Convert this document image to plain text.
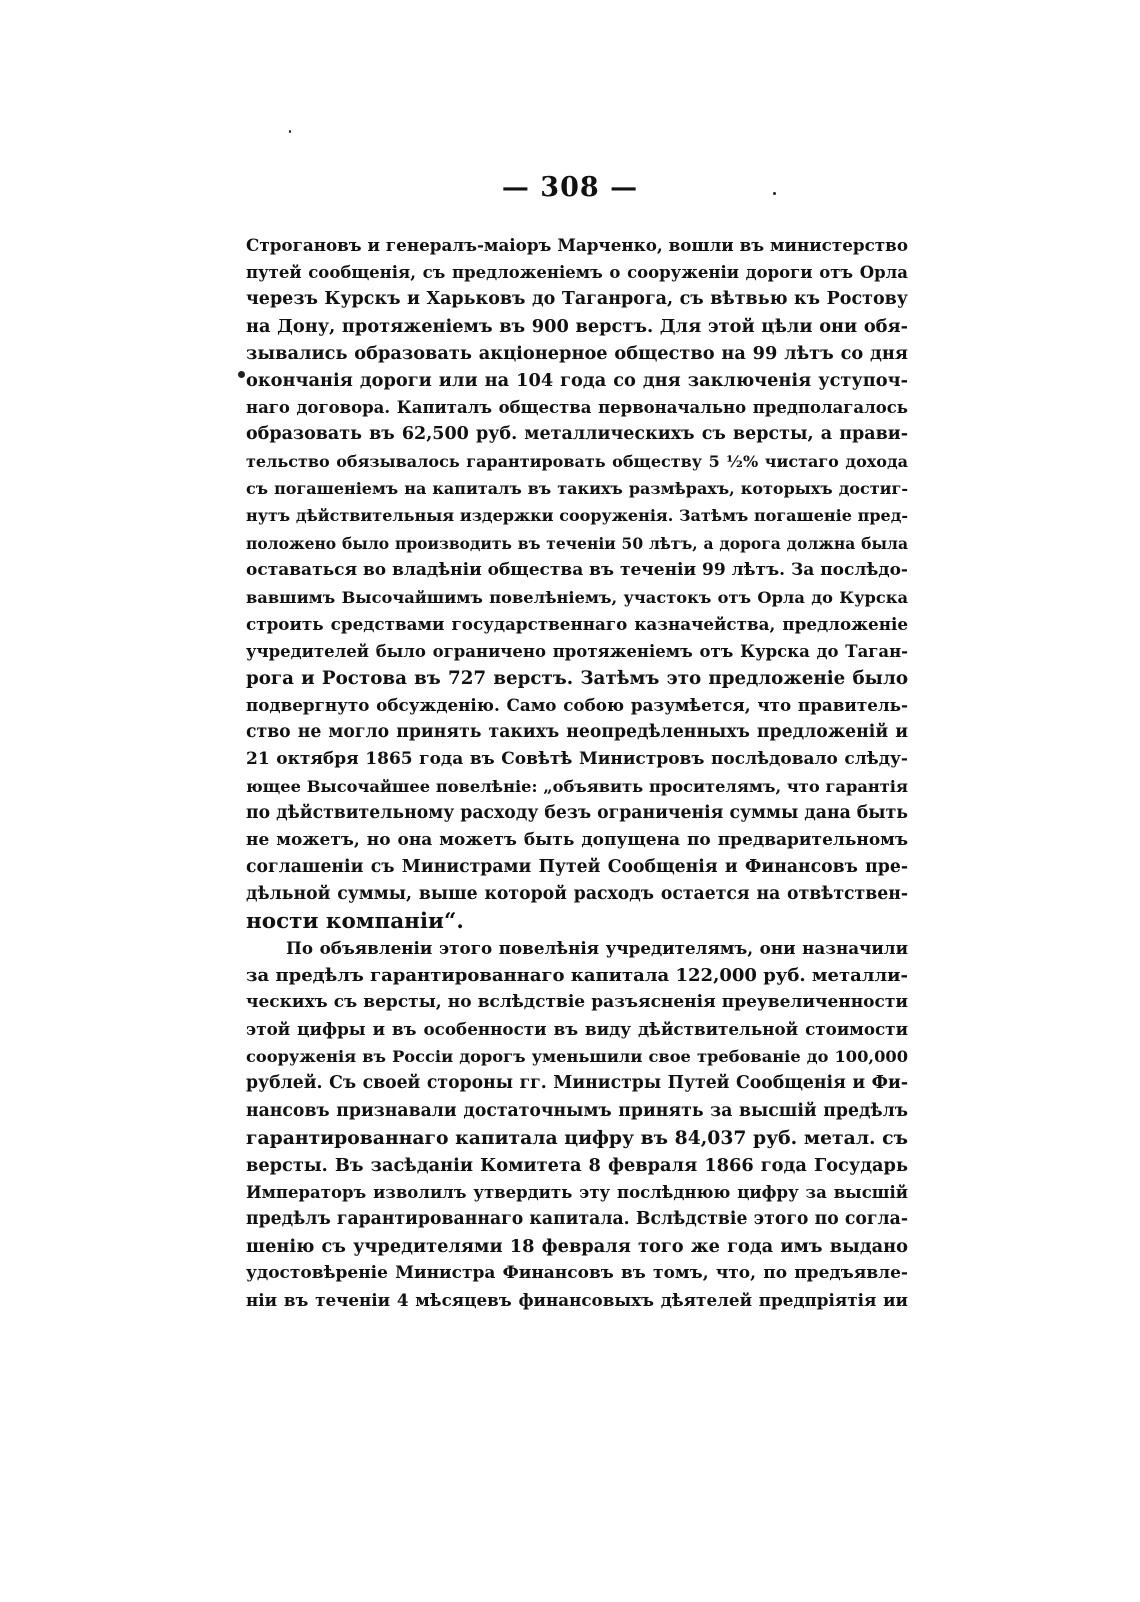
— 308 —
Строгановъ и генералъ-маіоръ Марченко, вошли въ министерство
путей сообщенія, съ предложеніемъ о сооруженіи дороги отъ Орла
черезъ Курскъ и Харьковъ до Таганрога, съ вѣтвью къ Ростову
на Дону, протяженіемъ въ 900 верстъ. Для этой цѣли они обя-
зывались образовать акціонерное общество на 99 лѣтъ со дня
окончанія дороги или на 104 года со дня заключенія уступоч-
наго договора. Капиталъ общества первоначально предполагалось
образовать въ 62,500 руб. металлическихъ съ версты, а прави-
тельство обязывалось гарантировать обществу 5 ½% чистаго дохода
съ погашеніемъ на капиталъ въ такихъ размѣрахъ, которыхъ достиг-
нутъ дѣйствительныя издержки сооруженія. Затѣмъ погашеніе пред-
положено было производить въ теченіи 50 лѣтъ, а дорога должна была
оставаться во владѣніи общества въ теченіи 99 лѣтъ. За послѣдо-
вавшимъ Высочайшимъ повелѣніемъ, участокъ отъ Орла до Курска
строить средствами государственнаго казначейства, предложеніе
учредителей было ограничено протяженіемъ отъ Курска до Таган-
рога и Ростова въ 727 верстъ. Затѣмъ это предложеніе было
подвергнуто обсужденію. Само собою разумѣется, что правитель-
ство не могло принять такихъ неопредѣленныхъ предложеній и
21 октября 1865 года въ Совѣтѣ Министровъ послѣдовало слѣду-
ющее Высочайшее повелѣніе: „объявить просителямъ, что гарантія
по дѣйствительному расходу безъ ограниченія суммы дана быть
не можетъ, но она можетъ быть допущена по предварительномъ
соглашеніи съ Министрами Путей Сообщенія и Финансовъ пре-
дѣльной суммы, выше которой расходъ остается на отвѣтствен-
ности компаніи“.
По объявленіи этого повелѣнія учредителямъ, они назначили
за предѣлъ гарантированнаго капитала 122,000 руб. металли-
ческихъ съ версты, но вслѣдствіе разъясненія преувеличенности
этой цифры и въ особенности въ виду дѣйствительной стоимости
сооруженія въ Россіи дорогъ уменьшили свое требованіе до 100,000
рублей. Съ своей стороны гг. Министры Путей Сообщенія и Фи-
нансовъ признавали достаточнымъ принять за высшій предѣлъ
гарантированнаго капитала цифру въ 84,037 руб. метал. съ
версты. Въ засѣданіи Комитета 8 февраля 1866 года Государь
Императоръ изволилъ утвердить эту послѣднюю цифру за высшій
предѣлъ гарантированнаго капитала. Вслѣдствіе этого по согла-
шенію съ учредителями 18 февраля того же года имъ выдано
удостовѣреніе Министра Финансовъ въ томъ, что, по предъявле-
ніи въ теченіи 4 мѣсяцевъ финансовыхъ дѣятелей предпріятія ии
